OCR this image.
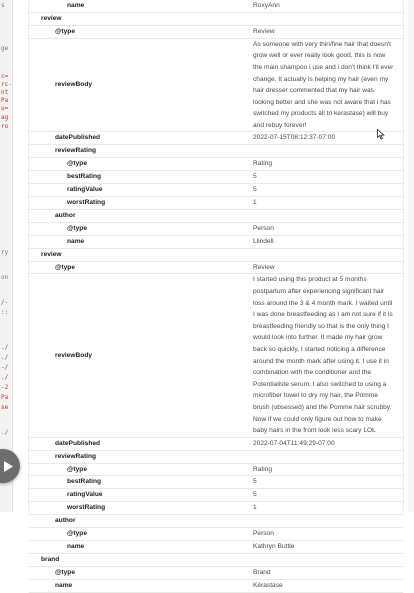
s
ge
c=
rc-
nt
Pa
u=
ag
ro
ry
on
/-
::
./
./
-/
./
-2
Pa
se
./
name	RoxyAnn
review	
@type	Review
reviewBody	As someone with very thin/fine hair that doesn't grow well or ever really look good, this is now the main shampoo i use and i don't think I'll ever change. It actually is helping my hair (even my hair dresser commented that my hair was looking better and she was not aware that i has switched my products all to kerastase) will buy and rebuy forever!
datePublished	2022-07-15T08:12:37-07:00
reviewRating	
@type	Rating
bestRating	5
ratingValue	5
worstRating	1
author	
@type	Person
name	Llindell
review	
@type	Review
reviewBody	I started using this product at 5 months postpartum after experiencing significant hair loss around the 3 & 4 month mark. I waited until I was done breastfeeding as I am not sure if it is breastfeeding friendly so that is the only thing I would look into further. It made my hair grow back so quickly, I started noticing a difference around the month mark after using it. I use it in combination with the conditioner and the Potentialiste serum. I also switched to using a microfiber towel to dry my hair, the Pomme brush (obsessed) and the Pomme hair scrubby. Now if we could only figure out how to make baby hairs in the front look less scary LOL
datePublished	2022-07-04T11:49:29-07:00
reviewRating	
@type	Rating
bestRating	5
ratingValue	5
worstRating	1
author	
@type	Person
name	Kathryn Buttle
brand	
@type	Brand
name	Kérastase
